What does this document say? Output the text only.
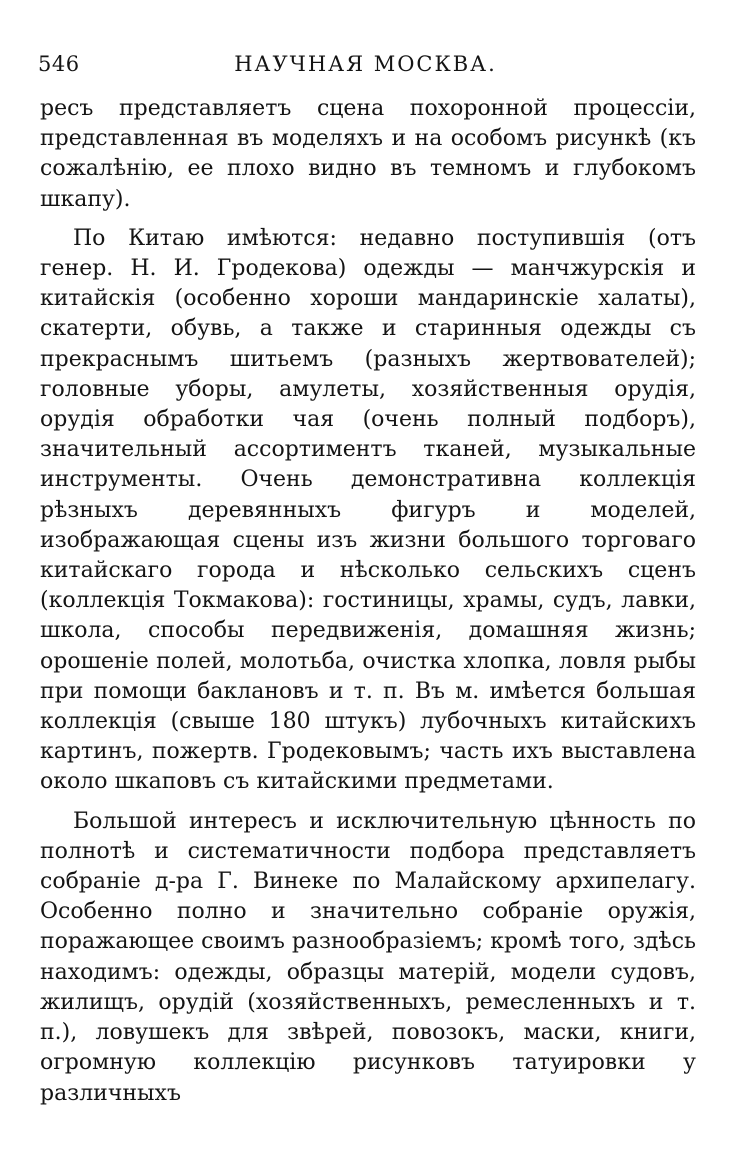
546	НАУЧНАЯ МОСКВА.

ресъ представляетъ сцена похоронной процессіи, представленная въ моделяхъ и на особомъ рисункѣ (къ сожалѣнію, ее плохо видно въ темномъ и глубокомъ шкапу).

По Китаю имѣются: недавно поступившія (отъ генер. Н. И. Гродекова) одежды — манчжурскія и китайскія (особенно хороши мандаринскіе халаты), скатерти, обувь, а также и старинныя одежды съ прекраснымъ шитьемъ (разныхъ жертвователей); головные уборы, амулеты, хозяйственныя орудія, орудія обработки чая (очень полный подборъ), значительный ассортиментъ тканей, музыкальные инструменты. Очень демонстративна коллекція рѣзныхъ деревянныхъ фигуръ и моделей, изображающая сцены изъ жизни большого торговаго китайскаго города и нѣсколько сельскихъ сценъ (коллекція Токмакова): гостиницы, храмы, судъ, лавки, школа, способы передвиженія, домашняя жизнь; орошеніе полей, молотьба, очистка хлопка, ловля рыбы при помощи баклановъ и т. п. Въ м. имѣется большая коллекція (свыше 180 штукъ) лубочныхъ китайскихъ картинъ, пожертв. Гродековымъ; часть ихъ выставлена около шкаповъ съ китайскими предметами.

Большой интересъ и исключительную цѣнность по полнотѣ и систематичности подбора представляетъ собраніе д-ра Г. Винеке по Малайскому архипелагу. Особенно полно и значительно собраніе оружія, поражающее своимъ разнообразіемъ; кромѣ того, здѣсь находимъ: одежды, образцы матерій, модели судовъ, жилищъ, орудій (хозяйственныхъ, ремесленныхъ и т. п.), ловушекъ для звѣрей, повозокъ, маски, книги, огромную коллекцію рисунковъ татуировки у различныхъ
